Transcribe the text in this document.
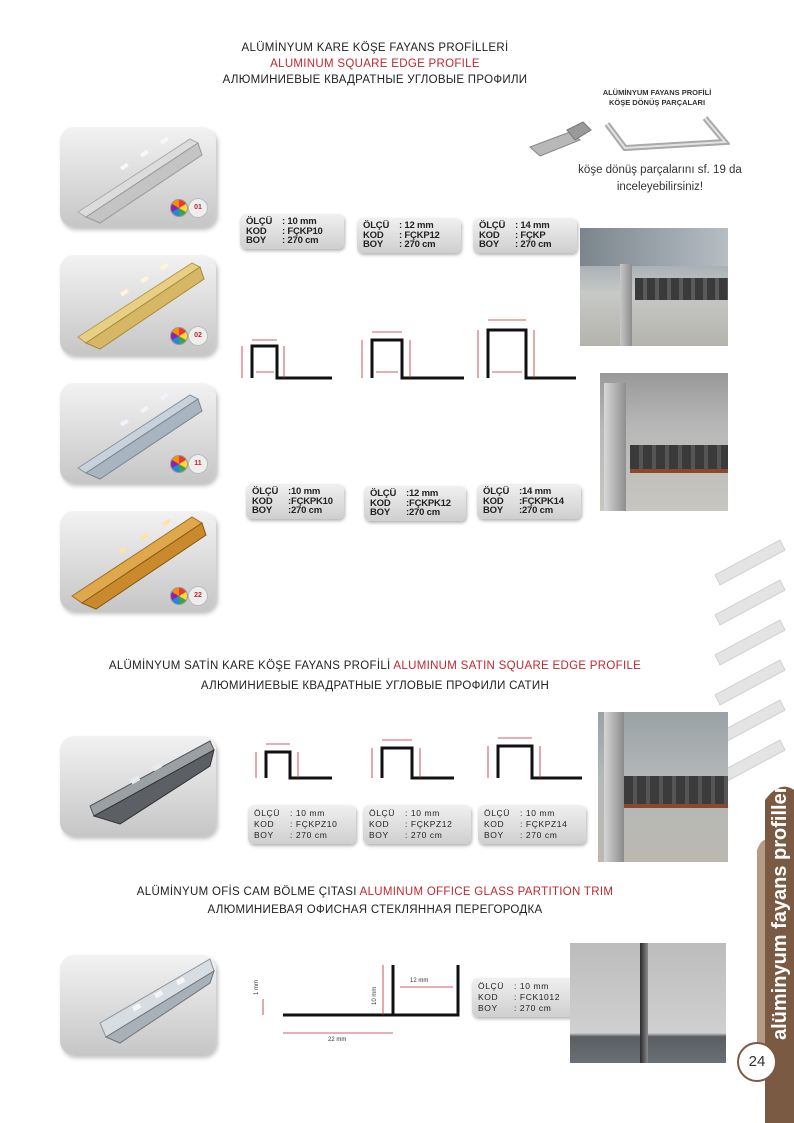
ALÜMİNYUM KARE KÖŞE FAYANS PROFİLLERİ
ALUMINUM SQUARE EDGE PROFILE
АЛЮМИНИЕВЫЕ КВАДРАТНЫЕ УГЛОВЫЕ ПРОФИЛИ
ALÜMİNYUM FAYANS PROFİLİ
KÖŞE DÖNÜŞ PARÇALARI
köşe dönüş parçalarını sf. 19 da
inceleyebilirsiniz!
01
02
11
22
ÖLÇÜ	: 10 mm
KOD	: FÇKP10
BOY	: 270 cm
ÖLÇÜ	: 12 mm
KOD	: FÇKP12
BOY	: 270 cm
ÖLÇÜ	: 14 mm
KOD	: FÇKP
BOY	: 270 cm
ÖLÇÜ	:10 mm
KOD	:FÇKPK10
BOY	:270 cm
ÖLÇÜ	:12 mm
KOD	:FÇKPK12
BOY	:270 cm
ÖLÇÜ	:14 mm
KOD	:FÇKPK14
BOY	:270 cm
ALÜMİNYUM SATİN KARE KÖŞE FAYANS PROFİLİ ALUMINUM SATIN SQUARE EDGE PROFILE
АЛЮМИНИЕВЫЕ КВАДРАТНЫЕ УГЛОВЫЕ ПРОФИЛИ САТИН
ÖLÇÜ	: 10 mm
KOD	: FÇKPZ10
BOY	: 270 cm
ÖLÇÜ	: 10 mm
KOD	: FÇKPZ12
BOY	: 270 cm
ÖLÇÜ	: 10 mm
KOD	: FÇKPZ14
BOY	: 270 cm	alüminyum fayans profilleri
24
ALÜMİNYUM OFİS CAM BÖLME ÇITASI ALUMINUM OFFICE GLASS PARTITION TRIM
АЛЮМИНИЕВАЯ ОФИСНАЯ СТЕКЛЯННАЯ ПЕРЕГОРОДКА
1 mm
22 mm
10 mm
12 mm	ÖLÇÜ	: 10 mm
KOD	: FCK1012
BOY	: 270 cm
